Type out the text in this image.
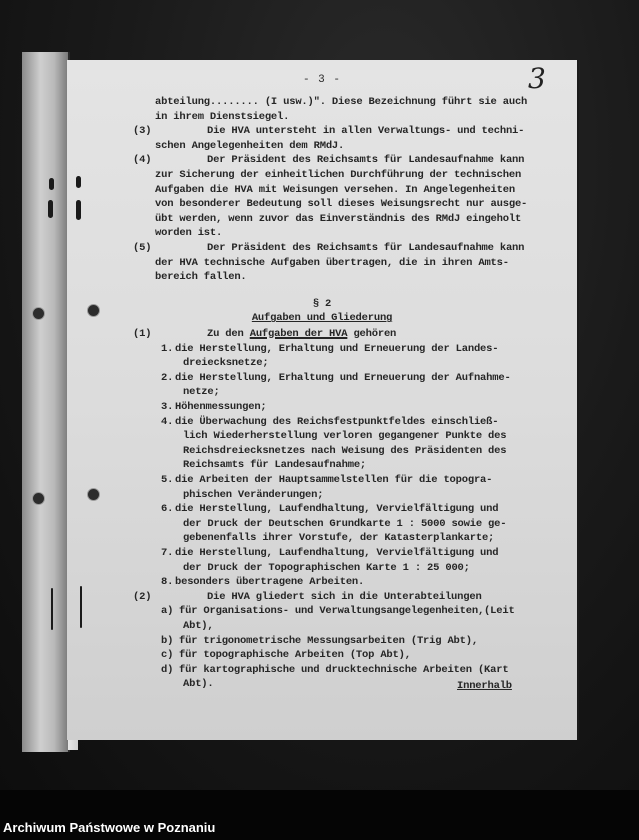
- 3 -
abteilung........ (I usw.)". Diese Bezeichnung führt sie auch
in ihrem Dienstsiegel.
(3)	Die HVA untersteht in allen Verwaltungs- und techni-
schen Angelegenheiten dem RMdJ.
(4)	Der Präsident des Reichsamts für Landesaufnahme kann
zur Sicherung der einheitlichen Durchführung der technischen
Aufgaben die HVA mit Weisungen versehen. In Angelegenheiten
von besonderer Bedeutung soll dieses Weisungsrecht nur ausge-
übt werden, wenn zuvor das Einverständnis des RMdJ eingeholt
worden ist.
(5)	Der Präsident des Reichsamts für Landesaufnahme kann
der HVA technische Aufgaben übertragen, die in ihren Amts-
bereich fallen.
§ 2
Aufgaben und Gliederung
(1)	Zu den Aufgaben der HVA gehören
1. die Herstellung, Erhaltung und Erneuerung der Landes-
dreiecksnetze;
2. die Herstellung, Erhaltung und Erneuerung der Aufnahme-
netze;
3. Höhenmessungen;
4. die Überwachung des Reichsfestpunktfeldes einschließ-
lich Wiederherstellung verloren gegangener Punkte des
Reichsdreiecksnetzes nach Weisung des Präsidenten des
Reichsamts für Landesaufnahme;
5. die Arbeiten der Hauptsammelstellen für die topogra-
phischen Veränderungen;
6. die Herstellung, Laufendhaltung, Vervielfältigung und
der Druck der Deutschen Grundkarte 1 : 5000 sowie ge-
gebenenfalls ihrer Vorstufe, der Katasterplankarte;
7. die Herstellung, Laufendhaltung, Vervielfältigung und
der Druck der Topographischen Karte 1 : 25 000;
8. besonders übertragene Arbeiten.
(2)	Die HVA gliedert sich in die Unterabteilungen
a) für Organisations- und Verwaltungsangelegenheiten,(Leit
Abt),
b) für trigonometrische Messungsarbeiten (Trig Abt),
c) für topographische Arbeiten (Top Abt),
d) für kartographische und drucktechnische Arbeiten (Kart
Abt).	Innerhalb
3
Archiwum Państwowe w Poznaniu
